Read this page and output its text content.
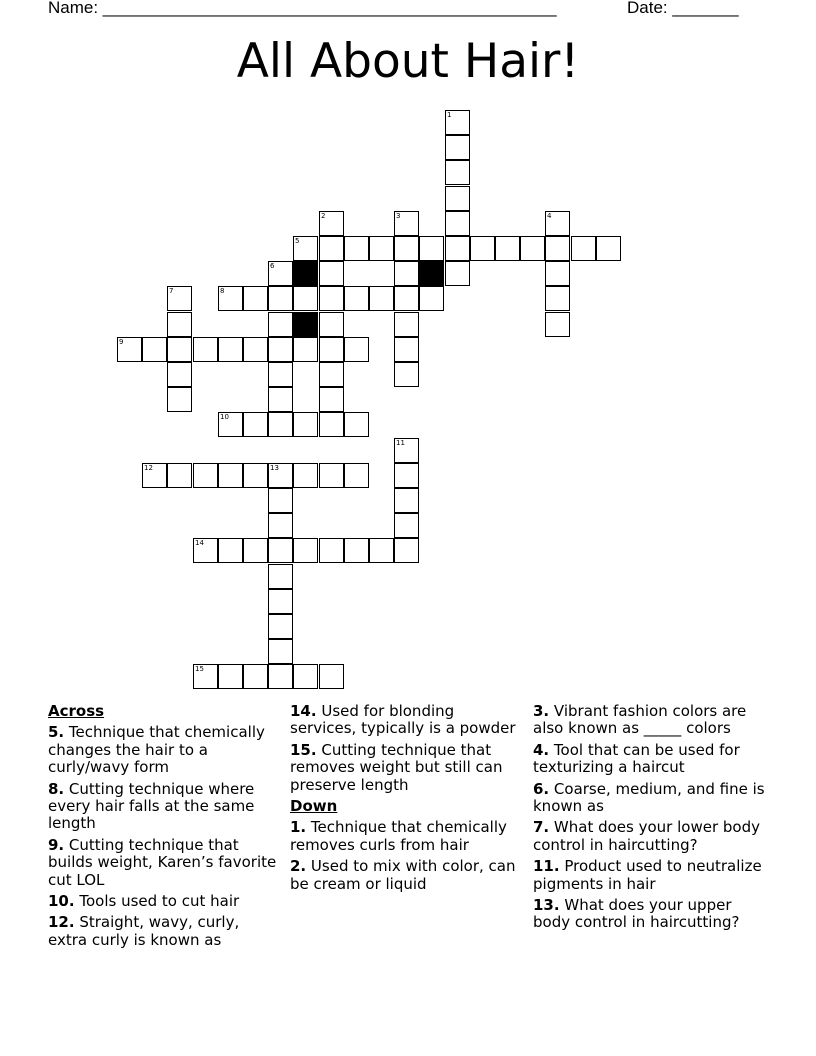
Name: ________________________________________________	Date: _______
All About Hair!
1
2	3	4
5
6
7	8
9
10
11
12	13
14
15
Across
5. Technique that chemically changes the hair to a curly/wavy form
8. Cutting technique where every hair falls at the same length
9. Cutting technique that builds weight, Karen’s favorite cut LOL
10. Tools used to cut hair
12. Straight, wavy, curly, extra curly is known as
14. Used for blonding services, typically is a powder
15. Cutting technique that removes weight but still can preserve length
Down
1. Technique that chemically removes curls from hair
2. Used to mix with color, can be cream or liquid
3. Vibrant fashion colors are also known as _____ colors
4. Tool that can be used for texturizing a haircut
6. Coarse, medium, and fine is known as
7. What does your lower body control in haircutting?
11. Product used to neutralize pigments in hair
13. What does your upper body control in haircutting?
